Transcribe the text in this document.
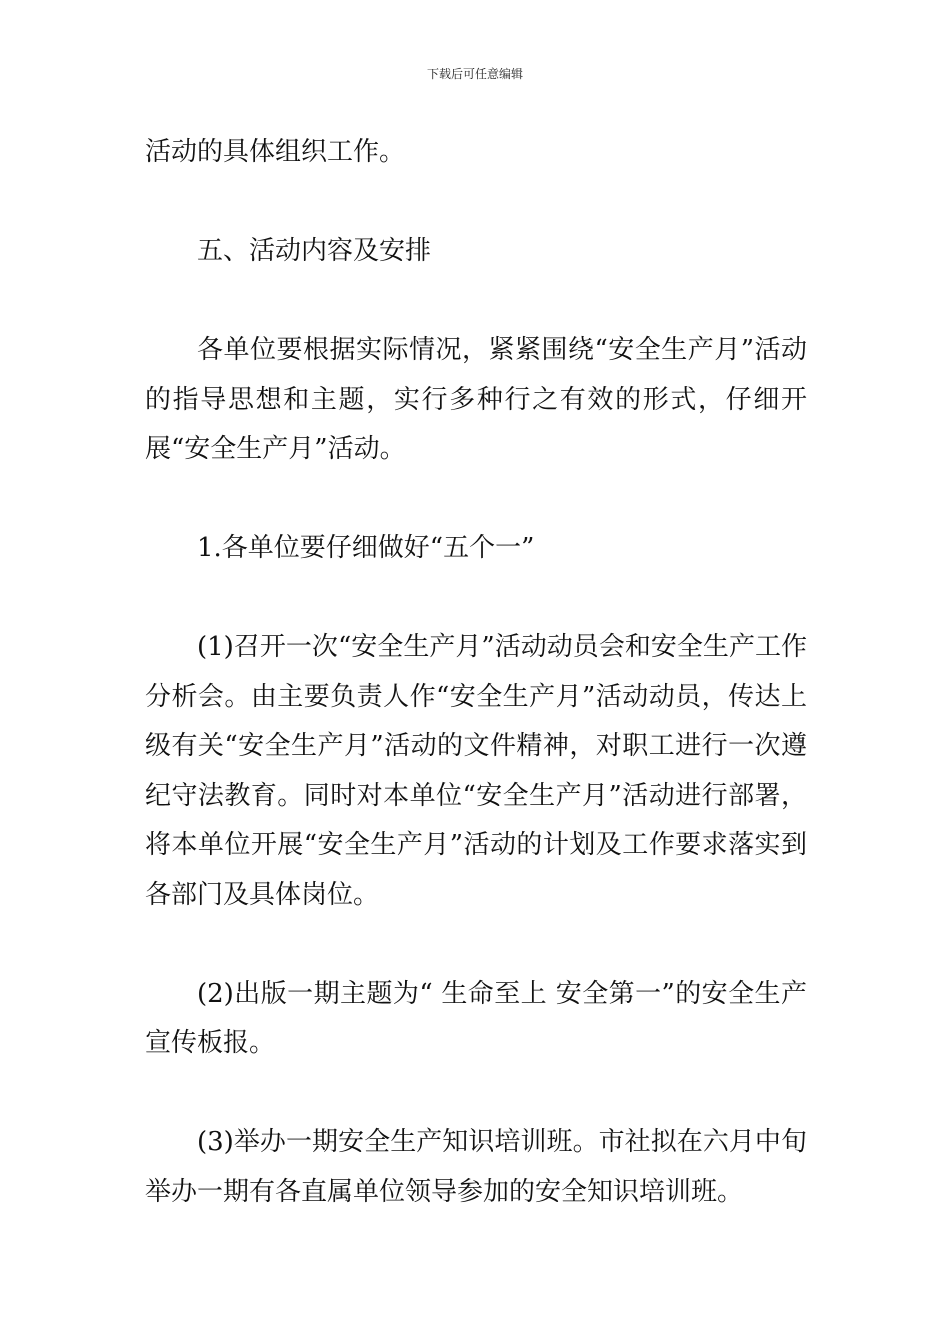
下载后可任意编辑

活动的具体组织工作。

五、活动内容及安排

各单位要根据实际情况，紧紧围绕“安全生产月”活动的指导思想和主题，实行多种行之有效的形式，仔细开展“安全生产月”活动。

1.各单位要仔细做好“五个一”

(1)召开一次“安全生产月”活动动员会和安全生产工作分析会。由主要负责人作“安全生产月”活动动员，传达上级有关“安全生产月”活动的文件精神，对职工进行一次遵纪守法教育。同时对本单位“安全生产月”活动进行部署，将本单位开展“安全生产月”活动的计划及工作要求落实到各部门及具体岗位。

(2)出版一期主题为“ 生命至上 安全第一”的安全生产宣传板报。

(3)举办一期安全生产知识培训班。市社拟在六月中旬举办一期有各直属单位领导参加的安全知识培训班。
